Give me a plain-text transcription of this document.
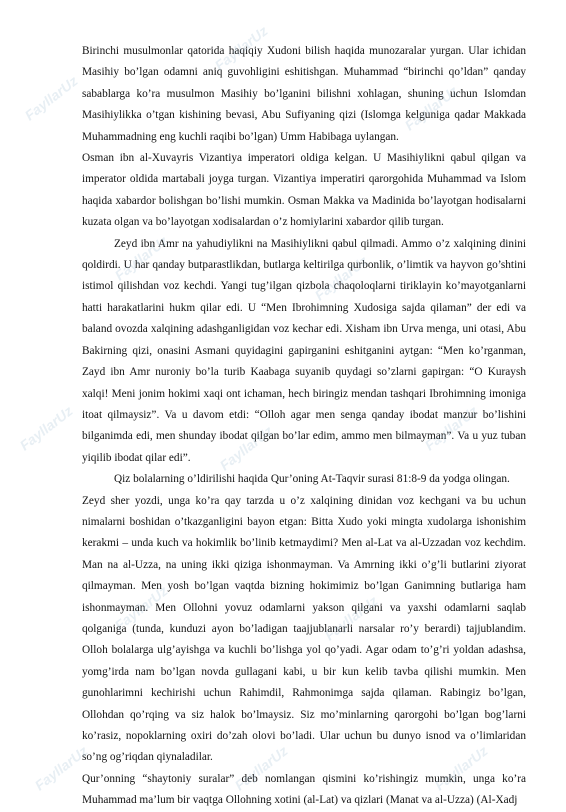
Birinchi musulmonlar qatorida haqiqiy Xudoni bilish haqida munozaralar yurgan. Ular ichidan Masihiy bo’lgan odamni aniq guvohligini eshitishgan. Muhammad “birinchi qo’ldan” qanday sabablarga ko’ra musulmon Masihiy bo’lganini bilishni xohlagan, shuning uchun Islomdan Masihiylikka o’tgan kishining bevasi, Abu Sufiyaning qizi (Islomga kelguniga qadar Makkada Muhammadning eng kuchli raqibi bo’lgan) Umm Habibaga uylangan.

Osman ibn al-Xuvayris Vizantiya imperatori oldiga kelgan. U Masihiylikni qabul qilgan va imperator oldida martabali joyga turgan. Vizantiya imperatiri qarorgohida Muhammad va Islom haqida xabardor bolishgan bo’lishi mumkin. Osman Makka va Madinida bo’layotgan hodisalarni kuzata olgan va bo’layotgan xodisalardan o’z homiylarini xabardor qilib turgan.

Zeyd ibn Amr na yahudiylikni na Masihiylikni qabul qilmadi. Ammo o’z xalqining dinini qoldirdi. U har qanday butparastlikdan, butlarga keltirilga qurbonlik, o’limtik va hayvon go’shtini istimol qilishdan voz kechdi. Yangi tug’ilgan qizbola chaqoloqlarni tiriklayin ko’mayotganlarni hatti harakatlarini hukm qilar edi. U “Men Ibrohimning Xudosiga sajda qilaman” der edi va baland ovozda xalqining adashganligidan voz kechar edi. Xisham ibn Urva menga, uni otasi, Abu Bakirning qizi, onasini Asmani quyidagini gapirganini eshitganini aytgan: “Men ko’rganman, Zayd ibn Amr nuroniy bo’la turib Kaabaga suyanib quydagi so’zlarni gapirgan: “O Kuraysh xalqi! Meni jonim hokimi xaqi ont ichaman, hech biringiz mendan tashqari Ibrohimning imoniga itoat qilmaysiz”. Va u davom etdi: “Olloh agar men senga qanday ibodat manzur bo’lishini bilganimda edi, men shunday ibodat qilgan bo’lar edim, ammo men bilmayman”. Va u yuz tuban yiqilib ibodat qilar edi”.

Qiz bolalarning o’ldirilishi haqida Qur’oning At-Taqvir surasi 81:8-9 da yodga olingan.

Zeyd sher yozdi, unga ko’ra qay tarzda u o’z xalqining dinidan voz kechgani va bu uchun nimalarni boshidan o’tkazganligini bayon etgan: Bitta Xudo yoki mingta xudolarga ishonishim kerakmi – unda kuch va hokimlik bo’linib ketmaydimi? Men al-Lat va al-Uzzadan voz kechdim. Man na al-Uzza, na uning ikki qiziga ishonmayman. Va Amrning ikki o’g’li butlarini ziyorat qilmayman. Men yosh bo’lgan vaqtda bizning hokimimiz bo’lgan Ganimning butlariga ham ishonmayman. Men Ollohni yovuz odamlarni yakson qilgani va yaxshi odamlarni saqlab qolganiga (tunda, kunduzi ayon bo’ladigan taajjublanarli narsalar ro’y berardi) tajjublandim. Olloh bolalarga ulg’ayishga va kuchli bo’lishga yol qo’yadi. Agar odam to’g’ri yoldan adashsa, yomg’irda nam bo’lgan novda gullagani kabi, u bir kun kelib tavba qilishi mumkin. Men gunohlarimni kechirishi uchun Rahimdil, Rahmonimga sajda qilaman. Rabingiz bo’lgan, Ollohdan qo’rqing va siz halok bo’lmaysiz. Siz mo’minlarning qarorgohi bo’lgan bog’larni ko’rasiz, nopoklarning oxiri do’zah olovi bo’ladi. Ular uchun bu dunyo isnod va o’limlaridan so’ng og’riqdan qiynaladilar.

Qur’onning “shaytoniy suralar” deb nomlangan qismini ko’rishingiz mumkin, unga ko’ra Muhammad ma’lum bir vaqtga Ollohning xotini (al-Lat) va qizlari (Manat va al-Uzza) (Al-Xadj

FayllarUz
FayllarUz
FayllarUz
FayllarUz	FayllarUz
FayllarUz	FayllarUz	FayllarUz
FayllarUz	FayllarUz
FayllarUz	FayllarUz	FayllarUz
